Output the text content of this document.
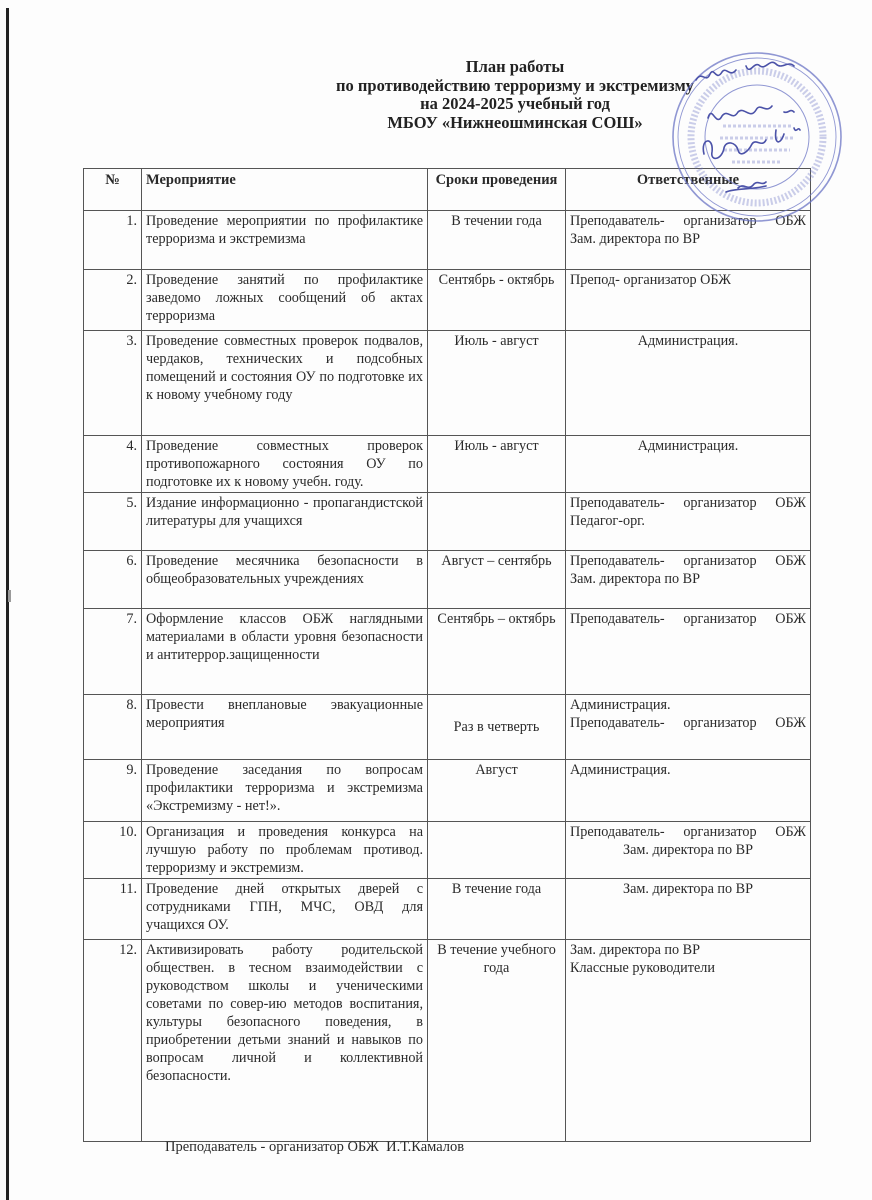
План работы
по противодействию терроризму и экстремизму
на 2024-2025 учебный год
МБОУ «Нижнеошминская СОШ»
№	Мероприятие	Сроки проведения	Ответственные
1.	Проведение мероприятии по профилактике терроризма и экстремизма	В течении года	Преподаватель- организатор ОБЖ
Зам. директора по ВР

2.	Проведение занятий по профилактике заведомо ложных сообщений об актах терроризма	Сентябрь - октябрь	Препод- организатор ОБЖ

3.	Проведение совместных проверок подвалов, чердаков, технических и подсобных помещений и состояния ОУ по подготовке их к новому учебному году	Июль - август	Администрация.

4.	Проведение совместных проверок противопожарного состояния ОУ по подготовке их к новому учебн. году.	Июль - август	Администрация.

5.	Издание информационно - пропагандистской литературы для учащихся		Преподаватель- организатор ОБЖ
Педагог-орг.

6.	Проведение месячника безопасности в общеобразовательных учреждениях	Август – сентябрь	Преподаватель- организатор ОБЖ
Зам. директора по ВР

7.	Оформление классов ОБЖ наглядными материалами в области уровня безопасности и антитеррор.защищенности	Сентябрь – октябрь	Преподаватель- организатор ОБЖ

8.	Провести внеплановые эвакуационные мероприятия	Раз в четверть	Администрация.
Преподаватель- организатор ОБЖ

9.	Проведение заседания по вопросам профилактики терроризма и экстремизма «Экстремизму - нет!».	Август	Администрация.

10.	Организация и проведения конкурса на лучшую работу по проблемам противод. терроризму и экстремизм.		Преподаватель- организатор ОБЖ
Зам. директора по ВР

11.	Проведение дней открытых дверей с сотрудниками ГПН, МЧС, ОВД для учащихся ОУ.	В течение года	Зам. директора по ВР

12.	Активизировать работу родительской обществен. в тесном взаимодействии с руководством школы и ученическими советами по совер-ию методов воспитания, культуры безопасного поведения, в приобретении детьми знаний и навыков по вопросам личной и коллективной безопасности.	В течение учебного года	Зам. директора по ВР
Классные руководители
Преподаватель - организатор ОБЖ  И.Т.Камалов
